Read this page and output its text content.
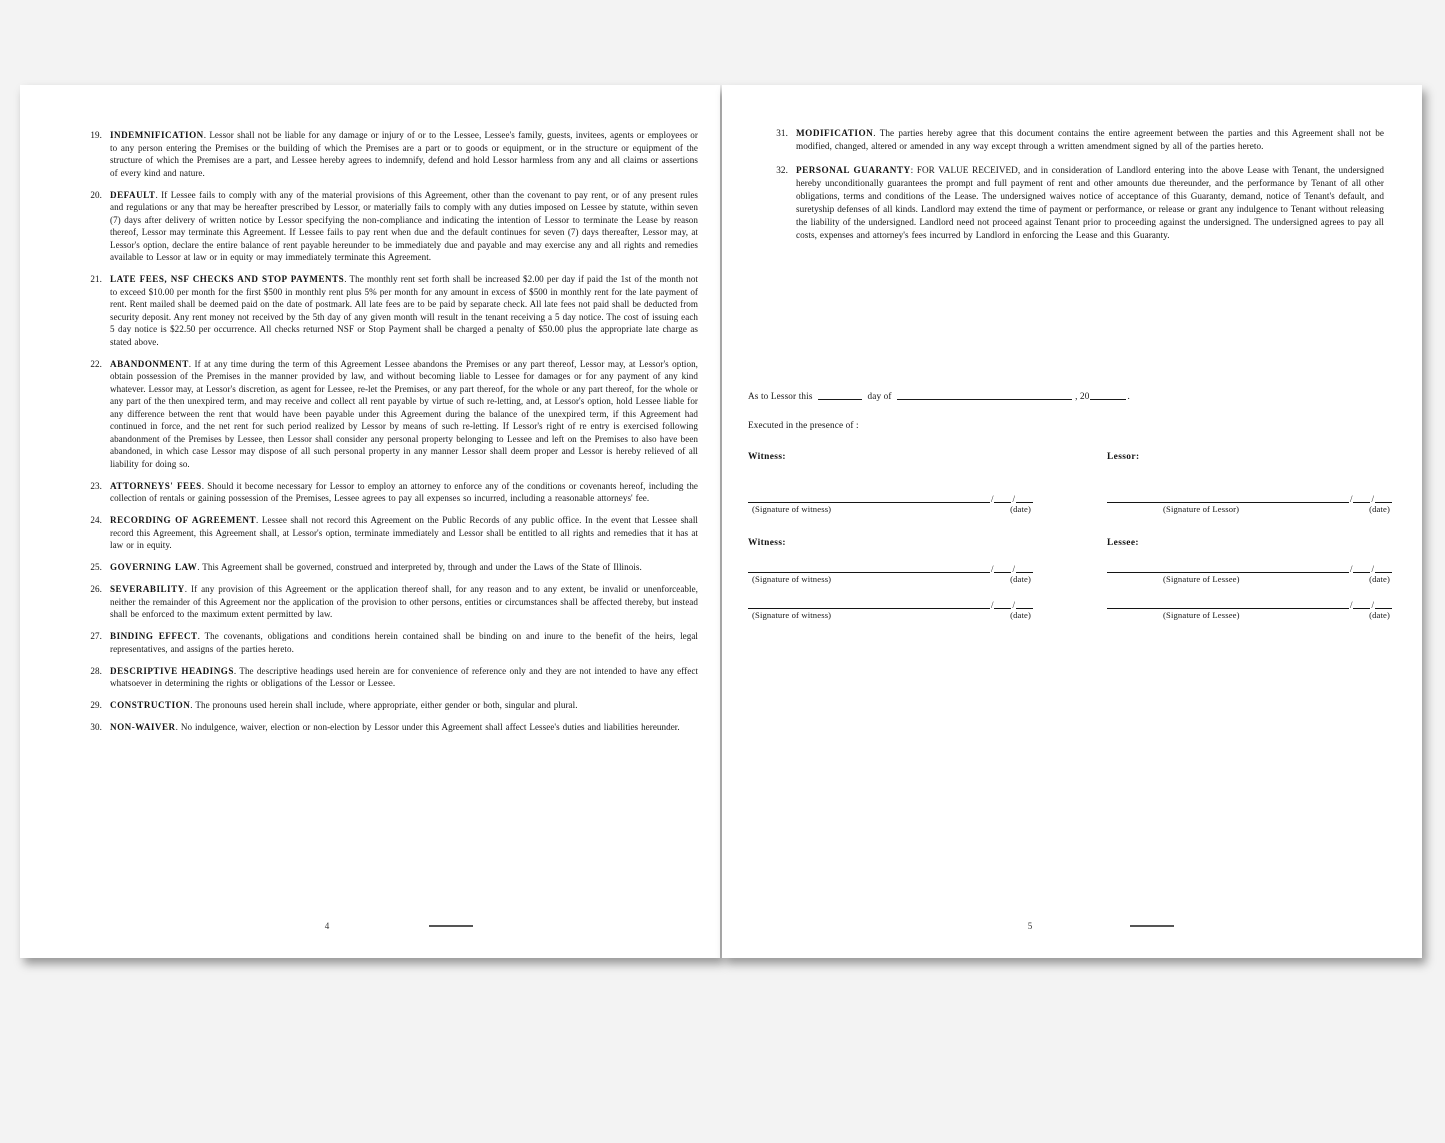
19. INDEMNIFICATION. Lessor shall not be liable for any damage or injury of or to the Lessee, Lessee's family, guests, invitees, agents or employees or to any person entering the Premises or the building of which the Premises are a part or to goods or equipment, or in the structure or equipment of the structure of which the Premises are a part, and Lessee hereby agrees to indemnify, defend and hold Lessor harmless from any and all claims or assertions of every kind and nature.
20. DEFAULT. If Lessee fails to comply with any of the material provisions of this Agreement, other than the covenant to pay rent, or of any present rules and regulations or any that may be hereafter prescribed by Lessor, or materially fails to comply with any duties imposed on Lessee by statute, within seven (7) days after delivery of written notice by Lessor specifying the non-compliance and indicating the intention of Lessor to terminate the Lease by reason thereof, Lessor may terminate this Agreement. If Lessee fails to pay rent when due and the default continues for seven (7) days thereafter, Lessor may, at Lessor's option, declare the entire balance of rent payable hereunder to be immediately due and payable and may exercise any and all rights and remedies available to Lessor at law or in equity or may immediately terminate this Agreement.
21. LATE FEES, NSF CHECKS AND STOP PAYMENTS. The monthly rent set forth shall be increased $2.00 per day if paid the 1st of the month not to exceed $10.00 per month for the first $500 in monthly rent plus 5% per month for any amount in excess of $500 in monthly rent for the late payment of rent. Rent mailed shall be deemed paid on the date of postmark. All late fees are to be paid by separate check. All late fees not paid shall be deducted from security deposit. Any rent money not received by the 5th day of any given month will result in the tenant receiving a 5 day notice. The cost of issuing each 5 day notice is $22.50 per occurrence. All checks returned NSF or Stop Payment shall be charged a penalty of $50.00 plus the appropriate late charge as stated above.
22. ABANDONMENT. If at any time during the term of this Agreement Lessee abandons the Premises or any part thereof, Lessor may, at Lessor's option, obtain possession of the Premises in the manner provided by law, and without becoming liable to Lessee for damages or for any payment of any kind whatever. Lessor may, at Lessor's discretion, as agent for Lessee, re-let the Premises, or any part thereof, for the whole or any part thereof, for the whole or any part of the then unexpired term, and may receive and collect all rent payable by virtue of such re-letting, and, at Lessor's option, hold Lessee liable for any difference between the rent that would have been payable under this Agreement during the balance of the unexpired term, if this Agreement had continued in force, and the net rent for such period realized by Lessor by means of such re-letting. If Lessor's right of re entry is exercised following abandonment of the Premises by Lessee, then Lessor shall consider any personal property belonging to Lessee and left on the Premises to also have been abandoned, in which case Lessor may dispose of all such personal property in any manner Lessor shall deem proper and Lessor is hereby relieved of all liability for doing so.
23. ATTORNEYS' FEES. Should it become necessary for Lessor to employ an attorney to enforce any of the conditions or covenants hereof, including the collection of rentals or gaining possession of the Premises, Lessee agrees to pay all expenses so incurred, including a reasonable attorneys' fee.
24. RECORDING OF AGREEMENT. Lessee shall not record this Agreement on the Public Records of any public office. In the event that Lessee shall record this Agreement, this Agreement shall, at Lessor's option, terminate immediately and Lessor shall be entitled to all rights and remedies that it has at law or in equity.
25. GOVERNING LAW. This Agreement shall be governed, construed and interpreted by, through and under the Laws of the State of Illinois.
26. SEVERABILITY. If any provision of this Agreement or the application thereof shall, for any reason and to any extent, be invalid or unenforceable, neither the remainder of this Agreement nor the application of the provision to other persons, entities or circumstances shall be affected thereby, but instead shall be enforced to the maximum extent permitted by law.
27. BINDING EFFECT. The covenants, obligations and conditions herein contained shall be binding on and inure to the benefit of the heirs, legal representatives, and assigns of the parties hereto.
28. DESCRIPTIVE HEADINGS. The descriptive headings used herein are for convenience of reference only and they are not intended to have any effect whatsoever in determining the rights or obligations of the Lessor or Lessee.
29. CONSTRUCTION. The pronouns used herein shall include, where appropriate, either gender or both, singular and plural.
30. NON-WAIVER. No indulgence, waiver, election or non-election by Lessor under this Agreement shall affect Lessee's duties and liabilities hereunder.
4
31. MODIFICATION. The parties hereby agree that this document contains the entire agreement between the parties and this Agreement shall not be modified, changed, altered or amended in any way except through a written amendment signed by all of the parties hereto.
32. PERSONAL GUARANTY: FOR VALUE RECEIVED, and in consideration of Landlord entering into the above Lease with Tenant, the undersigned hereby unconditionally guarantees the prompt and full payment of rent and other amounts due thereunder, and the performance by Tenant of all other obligations, terms and conditions of the Lease. The undersigned waives notice of acceptance of this Guaranty, demand, notice of Tenant's default, and suretyship defenses of all kinds. Landlord may extend the time of payment or performance, or release or grant any indulgence to Tenant without releasing the liability of the undersigned. Landlord need not proceed against Tenant prior to proceeding against the undersigned. The undersigned agrees to pay all costs, expenses and attorney's fees incurred by Landlord in enforcing the Lease and this Guaranty.
As to Lessor this	day of	, 20	.
Executed in the presence of :
Witness:
/ /
(Signature of witness)	(date)
Lessor:
/ /
(Signature of Lessor)	(date)
Witness:
/ /
(Signature of witness)	(date)
/ /
(Signature of witness)	(date)
Lessee:
/ /
(Signature of Lessee)	(date)
/ /
(Signature of Lessee)	(date)
5
